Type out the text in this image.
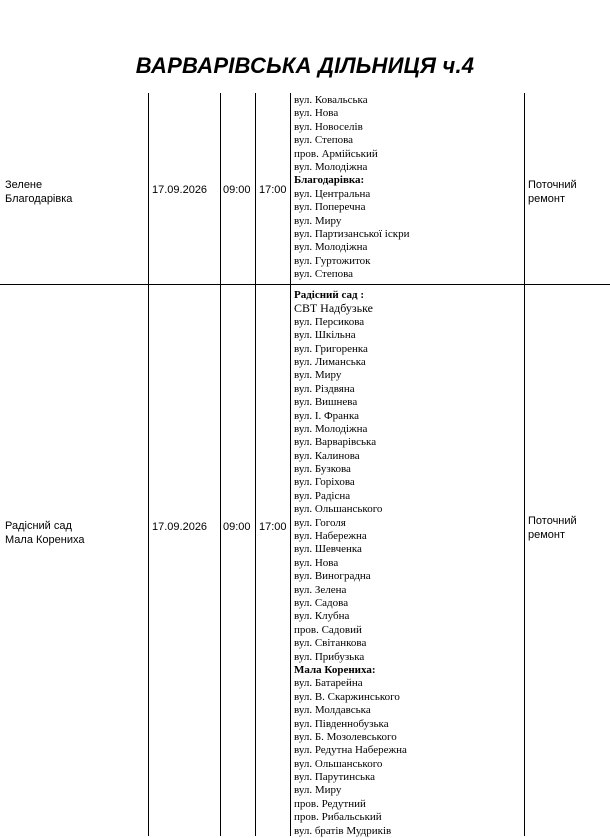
ВАРВАРІВСЬКА ДІЛЬНИЦЯ ч.4
Зелене
Благодарівка
17.09.2026 09:00 17:00
вул. Ковальська
вул. Нова
вул. Новоселів
вул. Степова
пров. Армійський
вул. Молодіжна
Благодарівка:
вул. Центральна
вул. Поперечна
вул. Миру
вул. Партизанської іскри
вул. Молодіжна
вул. Гуртожиток
вул. Степова
Поточний
ремонт
Радісний сад
Мала Корениха
17.09.2026 09:00 17:00
Радісний сад :
СВТ Надбузьке
вул. Персикова
вул. Шкільна
вул. Григоренка
вул. Лиманська
вул. Миру
вул. Різдвяна
вул. Вишнева
вул. І. Франка
вул. Молодіжна
вул. Варварівська
вул. Калинова
вул. Бузкова
вул. Горіхова
вул. Радісна
вул. Ольшанського
вул. Гоголя
вул. Набережна
вул. Шевченка
вул. Нова
вул. Виноградна
вул. Зелена
вул. Садова
вул. Клубна
пров. Садовий
вул. Світанкова
вул. Прибузька
Мала Корениха:
вул. Батарейна
вул. В. Скаржинського
вул. Молдавська
вул. Південнобузька
вул. Б. Мозолевського
вул. Редутна Набережна
вул. Ольшанського
вул. Парутинська
вул. Миру
пров. Редутний
пров. Рибальський
вул. братів Мудриків
Поточний
ремонт
